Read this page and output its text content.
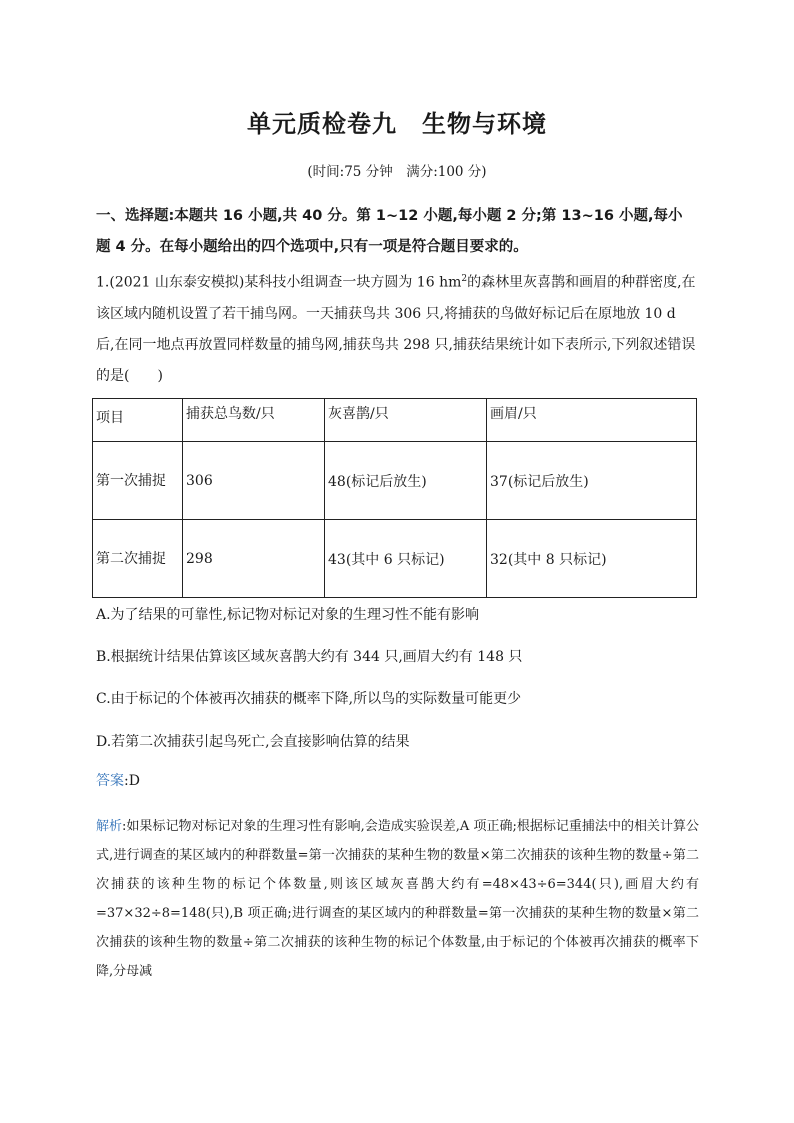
单元质检卷九　生物与环境
(时间:75 分钟　满分:100 分)
一、选择题:本题共 16 小题,共 40 分。第 1~12 小题,每小题 2 分;第 13~16 小题,每小题 4 分。在每小题给出的四个选项中,只有一项是符合题目要求的。
1.(2021 山东泰安模拟)某科技小组调查一块方圆为 16 $hm^2$的森林里灰喜鹊和画眉的种群密度,在该区域内随机设置了若干捕鸟网。一天捕获鸟共 306 只,将捕获的鸟做好标记后在原地放 10 d 后,在同一地点再放置同样数量的捕鸟网,捕获鸟共 298 只,捕获结果统计如下表所示,下列叙述错误的是(　　)
项目	捕获总鸟数/只	灰喜鹊/只	画眉/只
第一次捕捉	306	48(标记后放生)	37(标记后放生)
第二次捕捉	298	43(其中 6 只标记)	32(其中 8 只标记)
A.为了结果的可靠性,标记物对标记对象的生理习性不能有影响
B.根据统计结果估算该区域灰喜鹊大约有 344 只,画眉大约有 148 只
C.由于标记的个体被再次捕获的概率下降,所以鸟的实际数量可能更少
D.若第二次捕获引起鸟死亡,会直接影响估算的结果
答案:D
解析:如果标记物对标记对象的生理习性有影响,会造成实验误差,A 项正确;根据标记重捕法中的相关计算公式,进行调查的某区域内的种群数量=第一次捕获的某种生物的数量×第二次捕获的该种生物的数量÷第二次捕获的该种生物的标记个体数量,则该区域灰喜鹊大约有=48×43÷6=344(只),画眉大约有=37×32÷8=148(只),B 项正确;进行调查的某区域内的种群数量=第一次捕获的某种生物的数量×第二次捕获的该种生物的数量÷第二次捕获的该种生物的标记个体数量,由于标记的个体被再次捕获的概率下降,分母减
